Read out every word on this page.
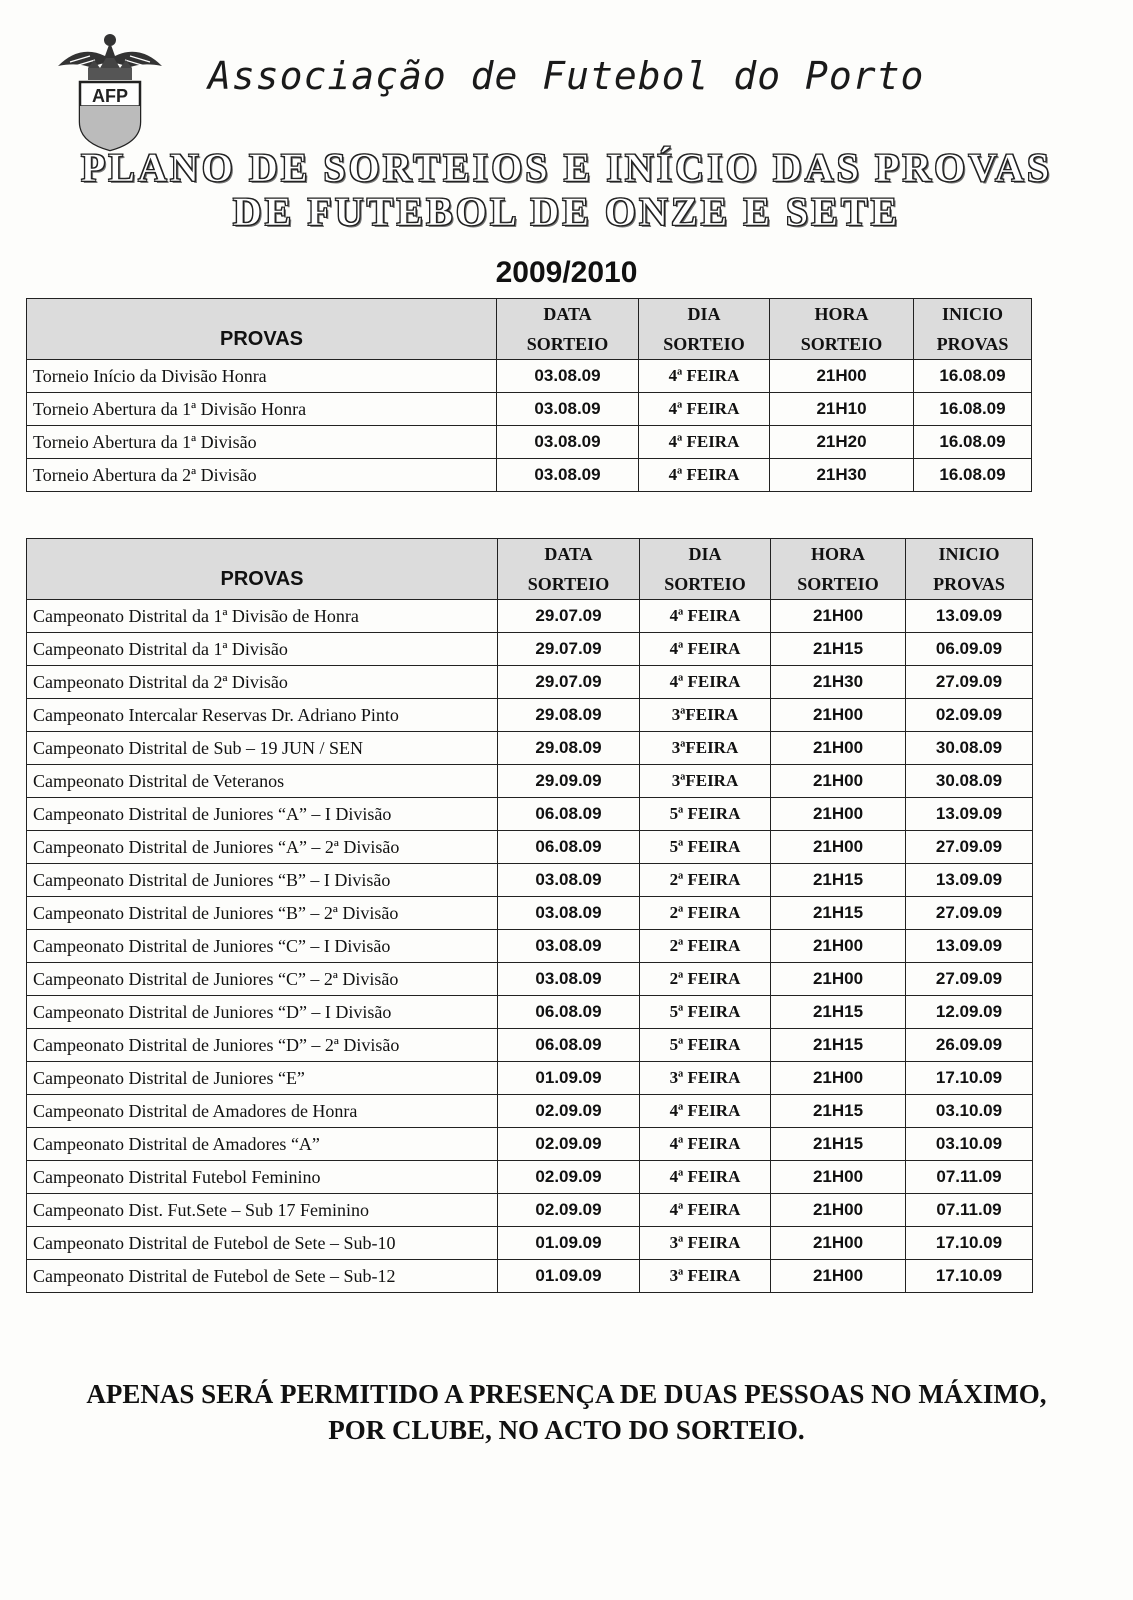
AFP Associação de Futebol do Porto
PLANO DE SORTEIOS E INÍCIO DAS PROVAS
DE FUTEBOL DE ONZE E SETE
2009/2010
PROVAS	DATA	DIA	HORA	INICIO
	SORTEIO	SORTEIO	SORTEIO	PROVAS
Torneio Início da Divisão Honra	03.08.09	4ª FEIRA	21H00	16.08.09
Torneio Abertura da 1ª Divisão Honra	03.08.09	4ª FEIRA	21H10	16.08.09
Torneio Abertura da 1ª Divisão	03.08.09	4ª FEIRA	21H20	16.08.09
Torneio Abertura da 2ª Divisão	03.08.09	4ª FEIRA	21H30	16.08.09
PROVAS	DATA	DIA	HORA	INICIO
	SORTEIO	SORTEIO	SORTEIO	PROVAS
Campeonato Distrital da 1ª Divisão de Honra	29.07.09	4ª FEIRA	21H00	13.09.09
Campeonato Distrital da 1ª Divisão	29.07.09	4ª FEIRA	21H15	06.09.09
Campeonato Distrital da 2ª Divisão	29.07.09	4ª FEIRA	21H30	27.09.09
Campeonato Intercalar Reservas Dr. Adriano Pinto	29.08.09	3ªFEIRA	21H00	02.09.09
Campeonato Distrital de Sub – 19 JUN / SEN	29.08.09	3ªFEIRA	21H00	30.08.09
Campeonato Distrital de Veteranos	29.09.09	3ªFEIRA	21H00	30.08.09
Campeonato Distrital de Juniores “A” – I Divisão	06.08.09	5ª FEIRA	21H00	13.09.09
Campeonato Distrital de Juniores “A” – 2ª Divisão	06.08.09	5ª FEIRA	21H00	27.09.09
Campeonato Distrital de Juniores “B” – I Divisão	03.08.09	2ª FEIRA	21H15	13.09.09
Campeonato Distrital de Juniores “B” – 2ª Divisão	03.08.09	2ª FEIRA	21H15	27.09.09
Campeonato Distrital de Juniores “C” – I Divisão	03.08.09	2ª FEIRA	21H00	13.09.09
Campeonato Distrital de Juniores “C” – 2ª Divisão	03.08.09	2ª FEIRA	21H00	27.09.09
Campeonato Distrital de Juniores “D” – I Divisão	06.08.09	5ª FEIRA	21H15	12.09.09
Campeonato Distrital de Juniores “D” – 2ª Divisão	06.08.09	5ª FEIRA	21H15	26.09.09
Campeonato Distrital de Juniores “E”	01.09.09	3ª FEIRA	21H00	17.10.09
Campeonato Distrital de Amadores de Honra	02.09.09	4ª FEIRA	21H15	03.10.09
Campeonato Distrital de Amadores “A”	02.09.09	4ª FEIRA	21H15	03.10.09
Campeonato Distrital Futebol Feminino	02.09.09	4ª FEIRA	21H00	07.11.09
Campeonato Dist. Fut.Sete – Sub 17 Feminino	02.09.09	4ª FEIRA	21H00	07.11.09
Campeonato Distrital de Futebol de Sete – Sub-10	01.09.09	3ª FEIRA	21H00	17.10.09
Campeonato Distrital de Futebol de Sete – Sub-12	01.09.09	3ª FEIRA	21H00	17.10.09
APENAS SERÁ PERMITIDO A PRESENÇA DE DUAS PESSOAS NO MÁXIMO,
POR CLUBE, NO ACTO DO SORTEIO.
